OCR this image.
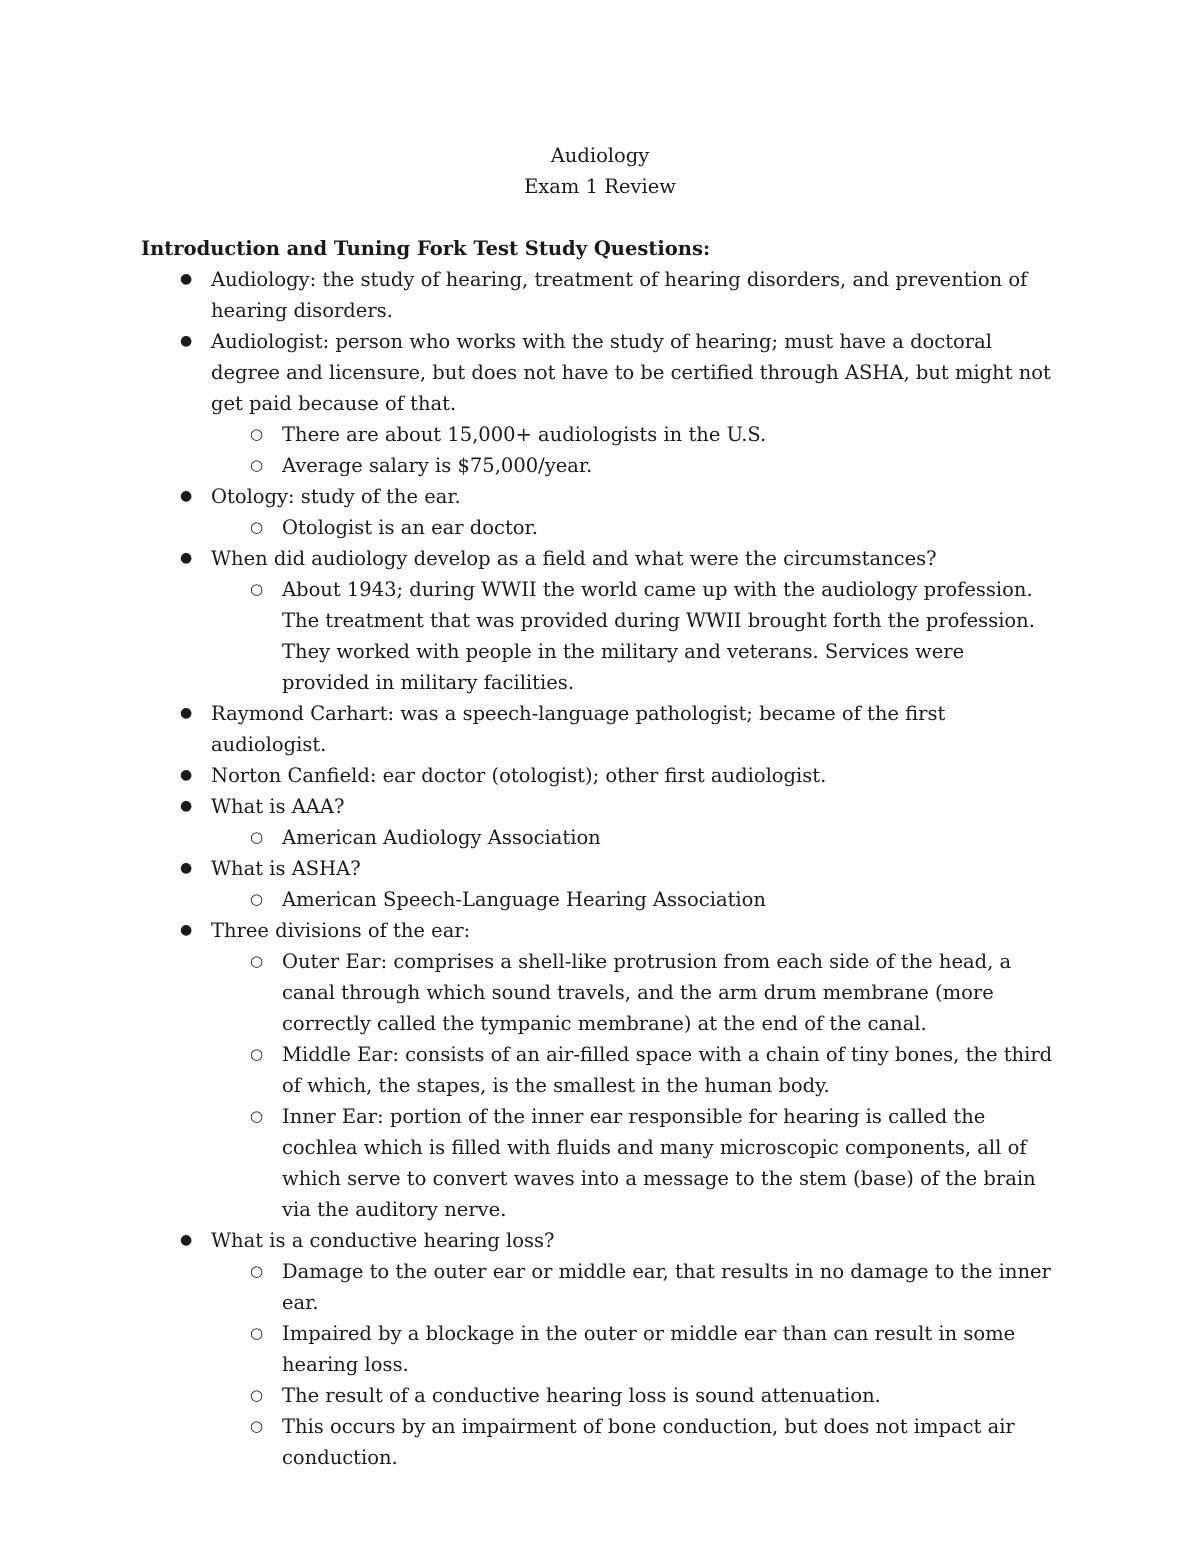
Audiology
Exam 1 Review
Introduction and Tuning Fork Test Study Questions:
● Audiology: the study of hearing, treatment of hearing disorders, and prevention of hearing disorders.
● Audiologist: person who works with the study of hearing; must have a doctoral degree and licensure, but does not have to be certified through ASHA, but might not get paid because of that.
○ There are about 15,000+ audiologists in the U.S.
○ Average salary is $75,000/year.
● Otology: study of the ear.
○ Otologist is an ear doctor.
● When did audiology develop as a field and what were the circumstances?
○ About 1943; during WWII the world came up with the audiology profession. The treatment that was provided during WWII brought forth the profession. They worked with people in the military and veterans. Services were provided in military facilities.
● Raymond Carhart: was a speech-language pathologist; became of the first audiologist.
● Norton Canfield: ear doctor (otologist); other first audiologist.
● What is AAA?
○ American Audiology Association
● What is ASHA?
○ American Speech-Language Hearing Association
● Three divisions of the ear:
○ Outer Ear: comprises a shell-like protrusion from each side of the head, a canal through which sound travels, and the arm drum membrane (more correctly called the tympanic membrane) at the end of the canal.
○ Middle Ear: consists of an air-filled space with a chain of tiny bones, the third of which, the stapes, is the smallest in the human body.
○ Inner Ear: portion of the inner ear responsible for hearing is called the cochlea which is filled with fluids and many microscopic components, all of which serve to convert waves into a message to the stem (base) of the brain via the auditory nerve.
● What is a conductive hearing loss?
○ Damage to the outer ear or middle ear, that results in no damage to the inner ear.
○ Impaired by a blockage in the outer or middle ear than can result in some hearing loss.
○ The result of a conductive hearing loss is sound attenuation.
○ This occurs by an impairment of bone conduction, but does not impact air conduction.
